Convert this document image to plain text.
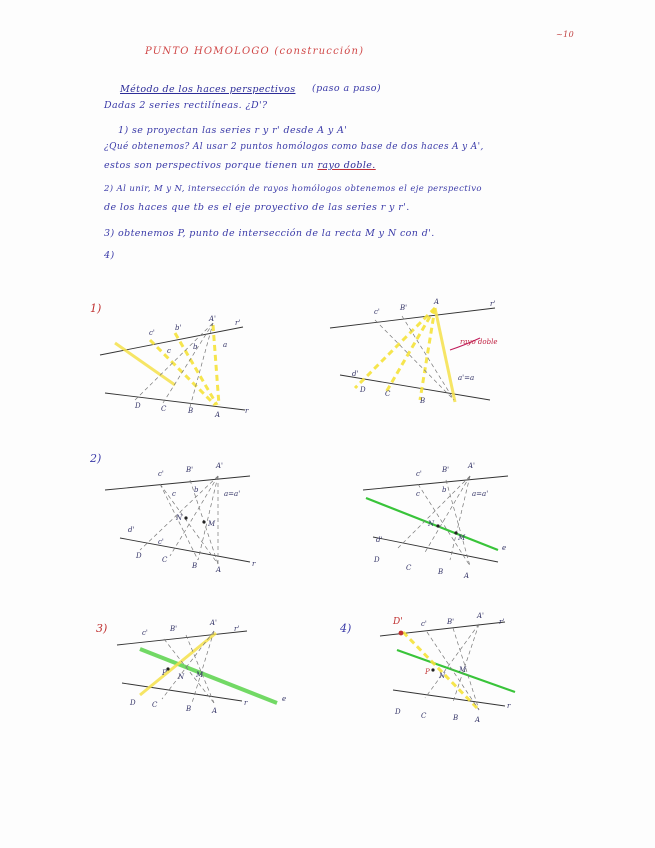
PUNTO HOMOLOGO (construcción)
~10
Método de los haces perspectivos (paso a paso)
Dadas 2 series rectilíneas. ¿D'?
1) se proyectan las series r y r' desde A y A'
¿Qué obtenemos? Al usar 2 puntos homólogos como base de dos haces A y A',
estos son perspectivos porque tienen un rayo doble.
2) Al unir, M y N, intersección de rayos homólogos obtenemos el eje perspectivo
de los haces que tb es el eje proyectivo de las series r y r'.
3) obtenemos P, punto de intersección de la recta M y N con d'.
4)
1)
c'
b'
A'	r'
c	b	a
D	C	B	A	r
c'	B'
A	r'
d'
D	C
B
a'=a
rayo doble
2)
c'	B'	A'
c	b	a=a'
N
M
d'
c'
D	C
B	A
r
c'	B'	A'
c	b	a=a'
N
M
d'
D
C	B	A
e
3)	c'	B'
A'
r'
P N M
D C	B	A
r	e
4)	D'	c'	B'
A'
r'
P N
M
D	C	B A
r
